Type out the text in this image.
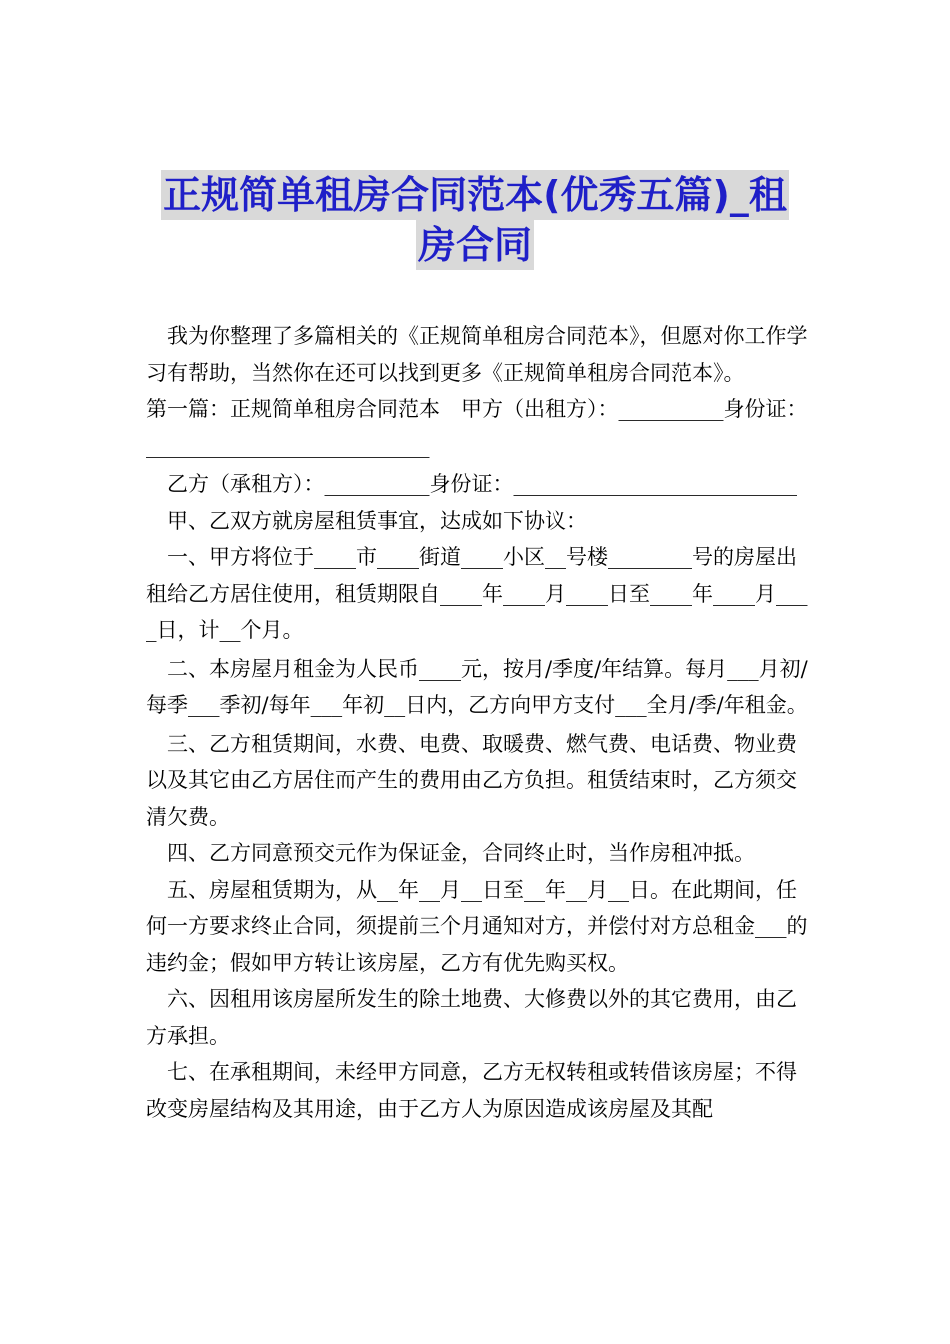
正规简单租房合同范本(优秀五篇)_租
房合同

我为你整理了多篇相关的《正规简单租房合同范本》，但愿对你工作学习有帮助，当然你在还可以找到更多《正规简单租房合同范本》。

第一篇：正规简单租房合同范本　甲方（出租方）：__________身份证：___________________________

乙方（承租方）：__________身份证：___________________________

甲、乙双方就房屋租赁事宜，达成如下协议：

一、甲方将位于____市____街道____小区__号楼________号的房屋出租给乙方居住使用，租赁期限自____年____月____日至____年____月____日，计__个月。

二、本房屋月租金为人民币____元，按月/季度/年结算。每月___月初/每季___季初/每年___年初__日内，乙方向甲方支付___全月/季/年租金。

三、乙方租赁期间，水费、电费、取暖费、燃气费、电话费、物业费以及其它由乙方居住而产生的费用由乙方负担。租赁结束时，乙方须交清欠费。

四、乙方同意预交元作为保证金，合同终止时，当作房租冲抵。

五、房屋租赁期为，从__年__月__日至__年__月__日。在此期间，任何一方要求终止合同，须提前三个月通知对方，并偿付对方总租金___的违约金；假如甲方转让该房屋，乙方有优先购买权。

六、因租用该房屋所发生的除土地费、大修费以外的其它费用，由乙方承担。

七、在承租期间，未经甲方同意，乙方无权转租或转借该房屋；不得改变房屋结构及其用途，由于乙方人为原因造成该房屋及其配
